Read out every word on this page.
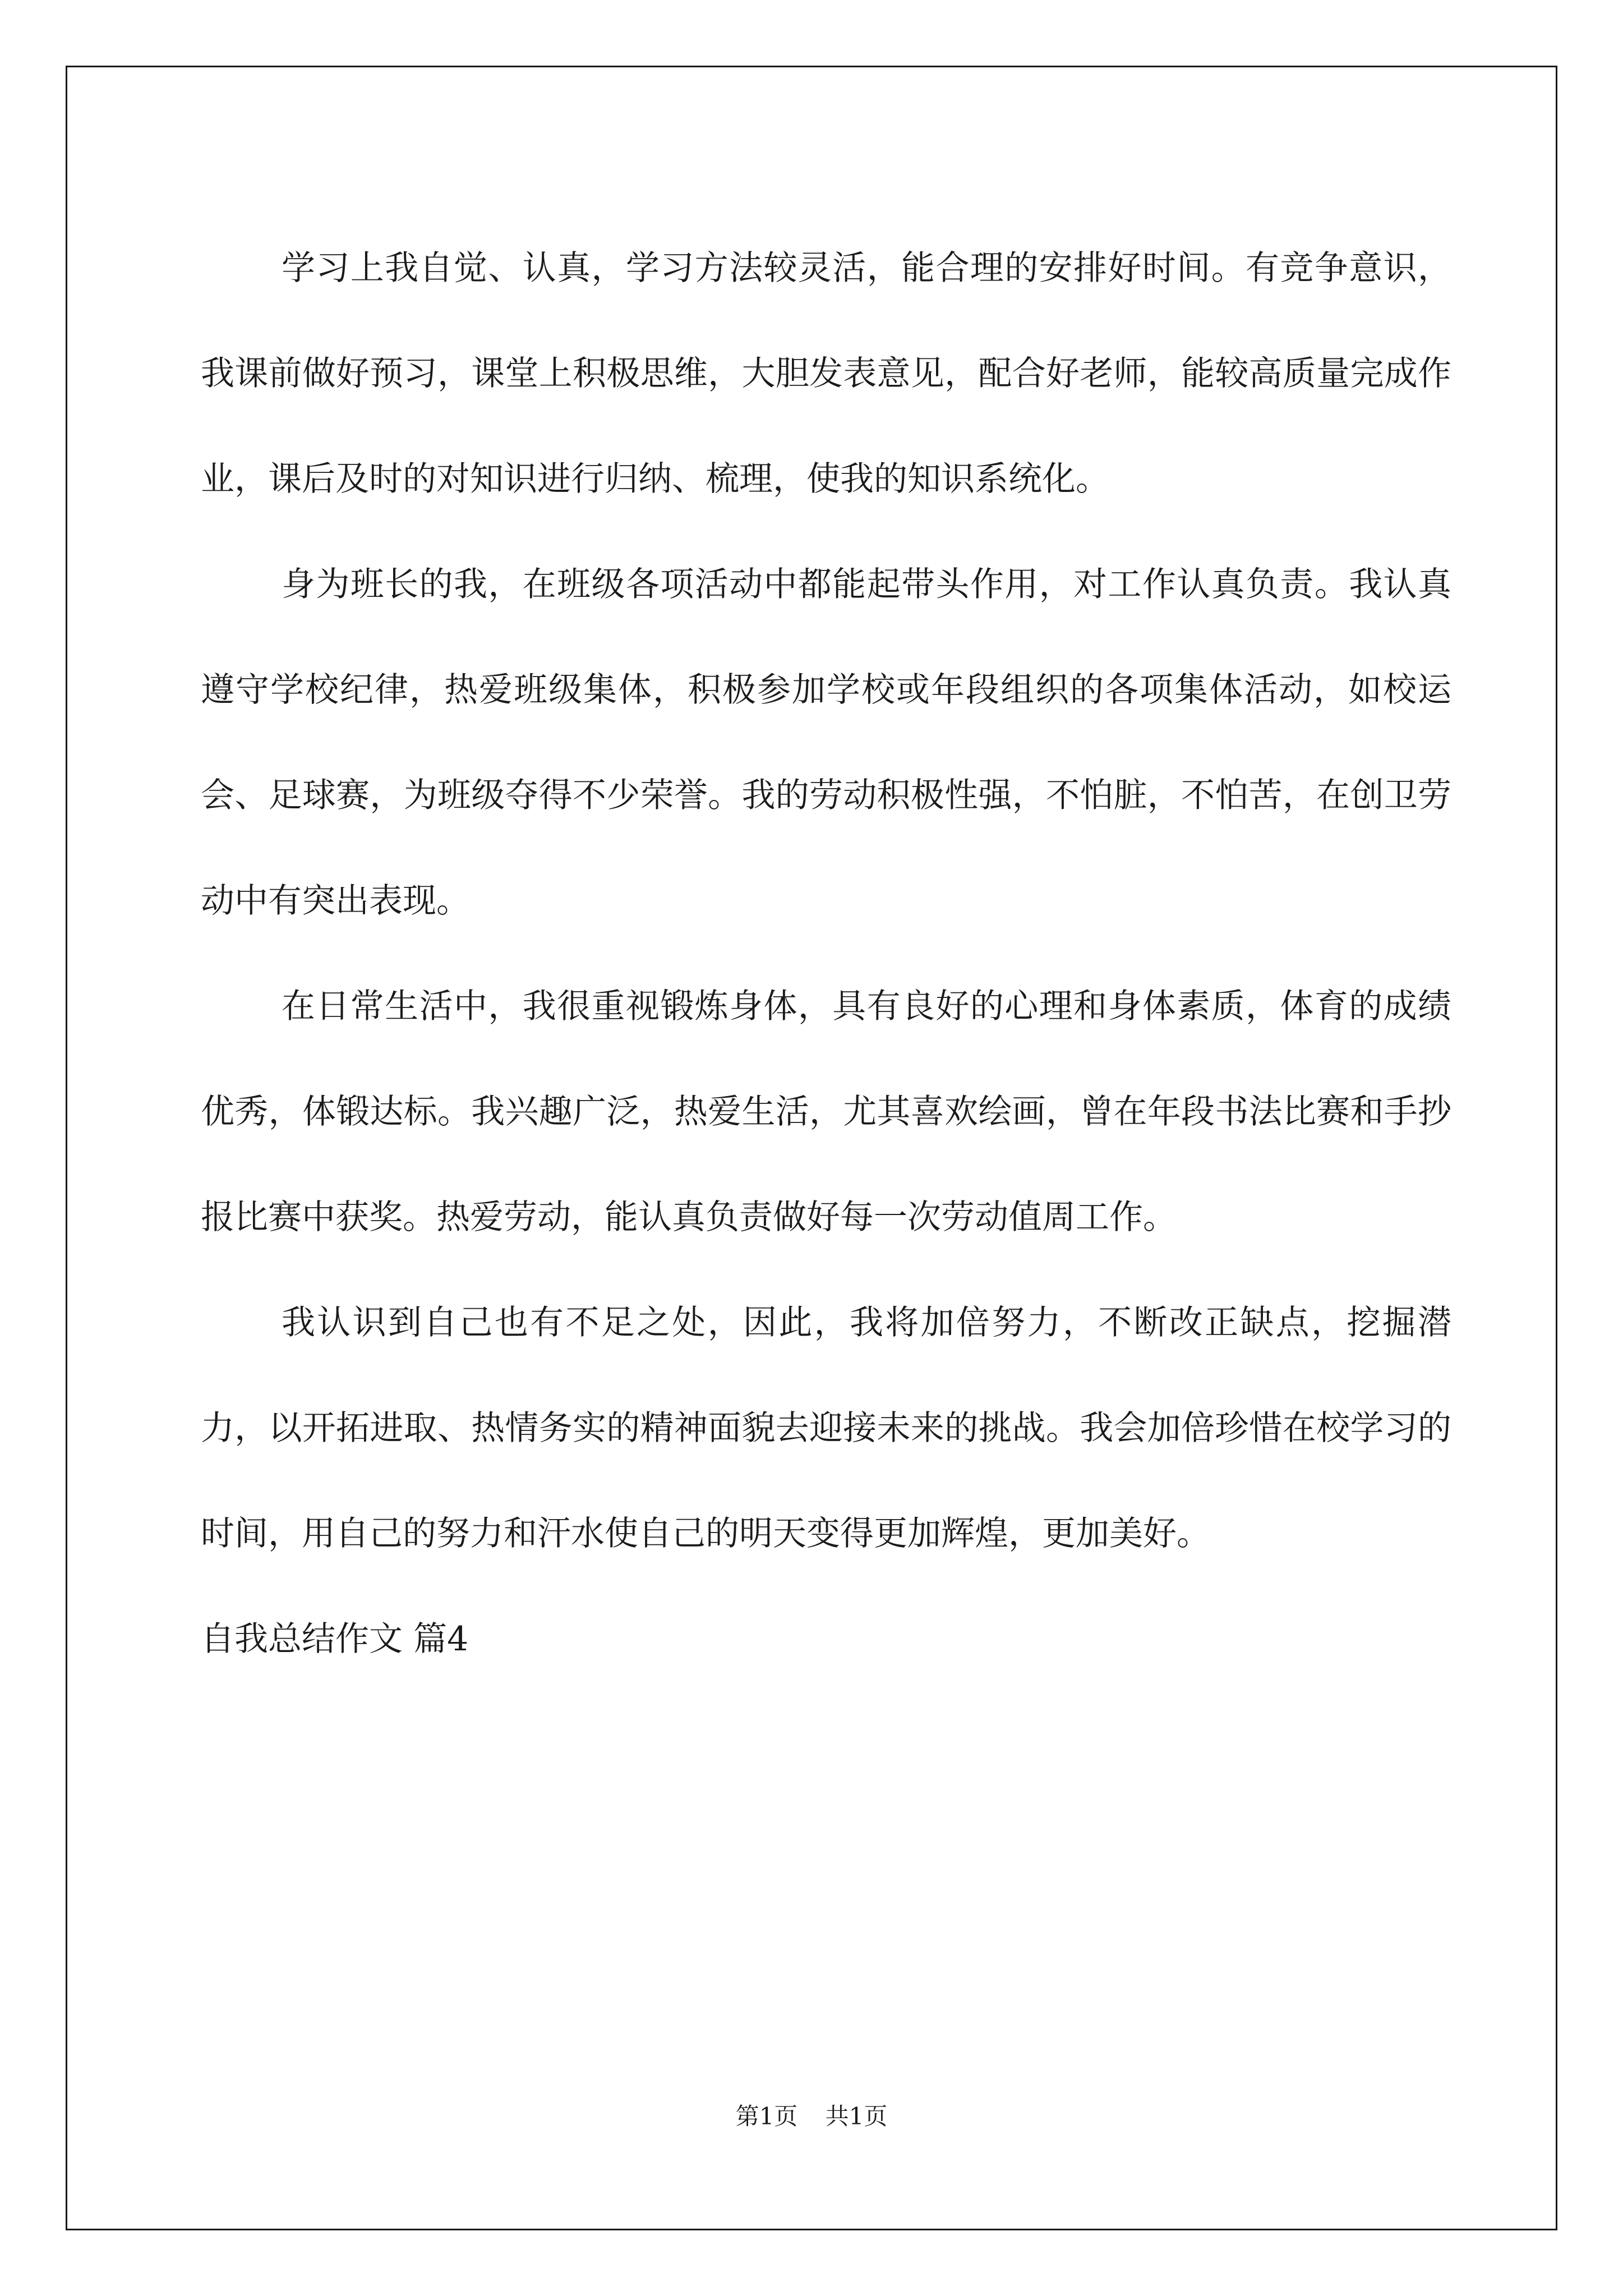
学习上我自觉、认真，学习方法较灵活，能合理的安排好时间。有竞争意识，我课前做好预习，课堂上积极思维，大胆发表意见，配合好老师，能较高质量完成作业，课后及时的对知识进行归纳、梳理，使我的知识系统化。

身为班长的我，在班级各项活动中都能起带头作用，对工作认真负责。我认真遵守学校纪律，热爱班级集体，积极参加学校或年段组织的各项集体活动，如校运会、足球赛，为班级夺得不少荣誉。我的劳动积极性强，不怕脏，不怕苦，在创卫劳动中有突出表现。

在日常生活中，我很重视锻炼身体，具有良好的心理和身体素质，体育的成绩优秀，体锻达标。我兴趣广泛，热爱生活，尤其喜欢绘画，曾在年段书法比赛和手抄报比赛中获奖。热爱劳动，能认真负责做好每一次劳动值周工作。

我认识到自己也有不足之处，因此，我将加倍努力，不断改正缺点，挖掘潜力，以开拓进取、热情务实的精神面貌去迎接未来的挑战。我会加倍珍惜在校学习的时间，用自己的努力和汗水使自己的明天变得更加辉煌，更加美好。

自我总结作文 篇4
第1页 共1页
